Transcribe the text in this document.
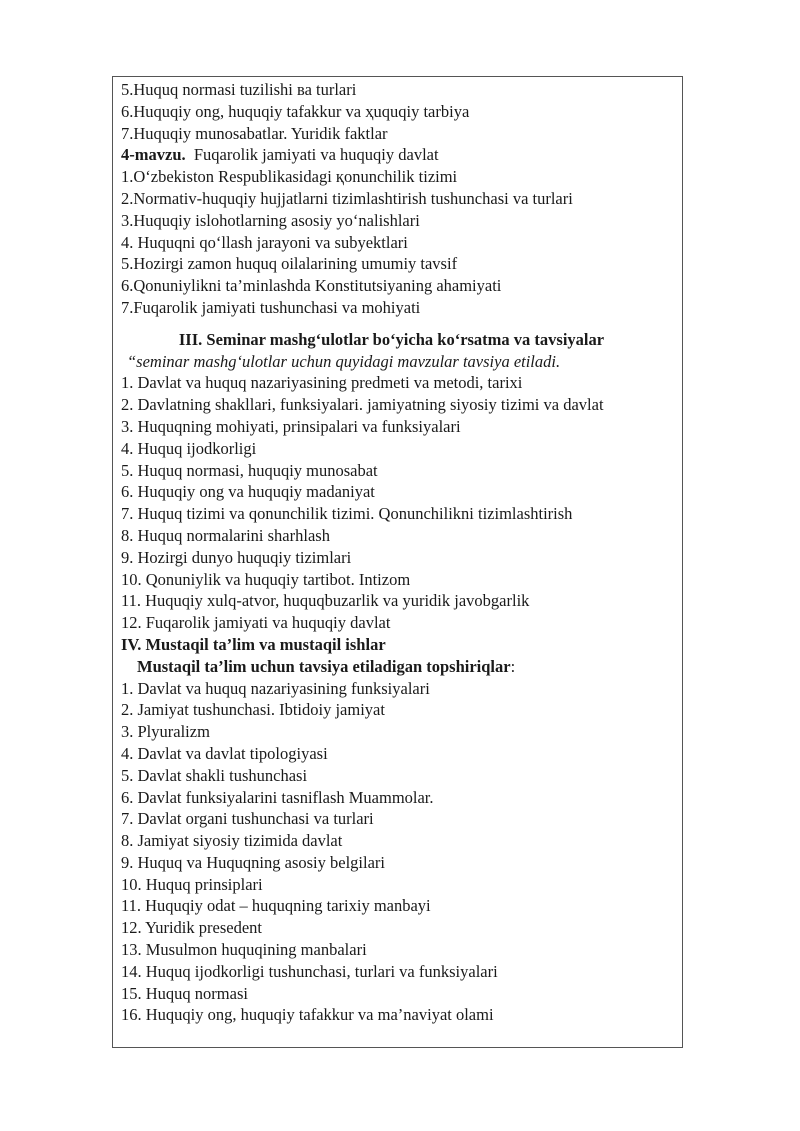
5.Huquq normasi tuzilishi ва turlari
6.Huquqiy ong, huquqiy tafakkur va ҳuquqiy tarbiya
7.Huquqiy munosabatlar. Yuridik faktlar
4-mavzu. Fuqarolik jamiyati va huquqiy davlat
1.O‘zbekiston Respublikasidagi қonunchilik tizimi
2.Normativ-huquqiy hujjatlarni tizimlashtirish tushunchasi va turlari
3.Huquqiy islohotlarning asosiy yo‘nalishlari
4. Huquqni qo‘llash jarayoni va subyektlari
5.Hozirgi zamon huquq oilalarining umumiy tavsif
6.Qonuniylikni ta’minlashda Konstitutsiyaning ahamiyati
7.Fuqarolik jamiyati tushunchasi va mohiyati
III. Seminar mashg‘ulotlar bo‘yicha ko‘rsatma va tavsiyalar
“seminar mashg‘ulotlar uchun quyidagi mavzular tavsiya etiladi.
1. Davlat va huquq nazariyasining predmeti va metodi, tarixi
2. Davlatning shakllari, funksiyalari. jamiyatning siyosiy tizimi va davlat
3. Huquqning mohiyati, prinsipalari va funksiyalari
4. Huquq ijodkorligi
5. Huquq normasi, huquqiy munosabat
6. Huquqiy ong va huquqiy madaniyat
7. Huquq tizimi va qonunchilik tizimi. Qonunchilikni tizimlashtirish
8. Huquq normalarini sharhlash
9. Hozirgi dunyo huquqiy tizimlari
10. Qonuniylik va huquqiy tartibot. Intizom
11. Huquqiy xulq-atvor, huquqbuzarlik va yuridik javobgarlik
12. Fuqarolik jamiyati va huquqiy davlat
IV. Mustaqil ta’lim va mustaqil ishlar
Mustaqil ta’lim uchun tavsiya etiladigan topshiriqlar:
1. Davlat va huquq nazariyasining funksiyalari
2. Jamiyat tushunchasi. Ibtidoiy jamiyat
3. Plyuralizm
4. Davlat va davlat tipologiyasi
5. Davlat shakli tushunchasi
6. Davlat funksiyalarini tasniflash Muammolar.
7. Davlat organi tushunchasi va turlari
8. Jamiyat siyosiy tizimida davlat
9. Huquq va Huquqning asosiy belgilari
10. Huquq prinsiplari
11. Huquqiy odat – huquqning tarixiy manbayi
12. Yuridik presedent
13. Musulmon huquqining manbalari
14. Huquq ijodkorligi tushunchasi, turlari va funksiyalari
15. Huquq normasi
16. Huquqiy ong, huquqiy tafakkur va ma’naviyat olami
